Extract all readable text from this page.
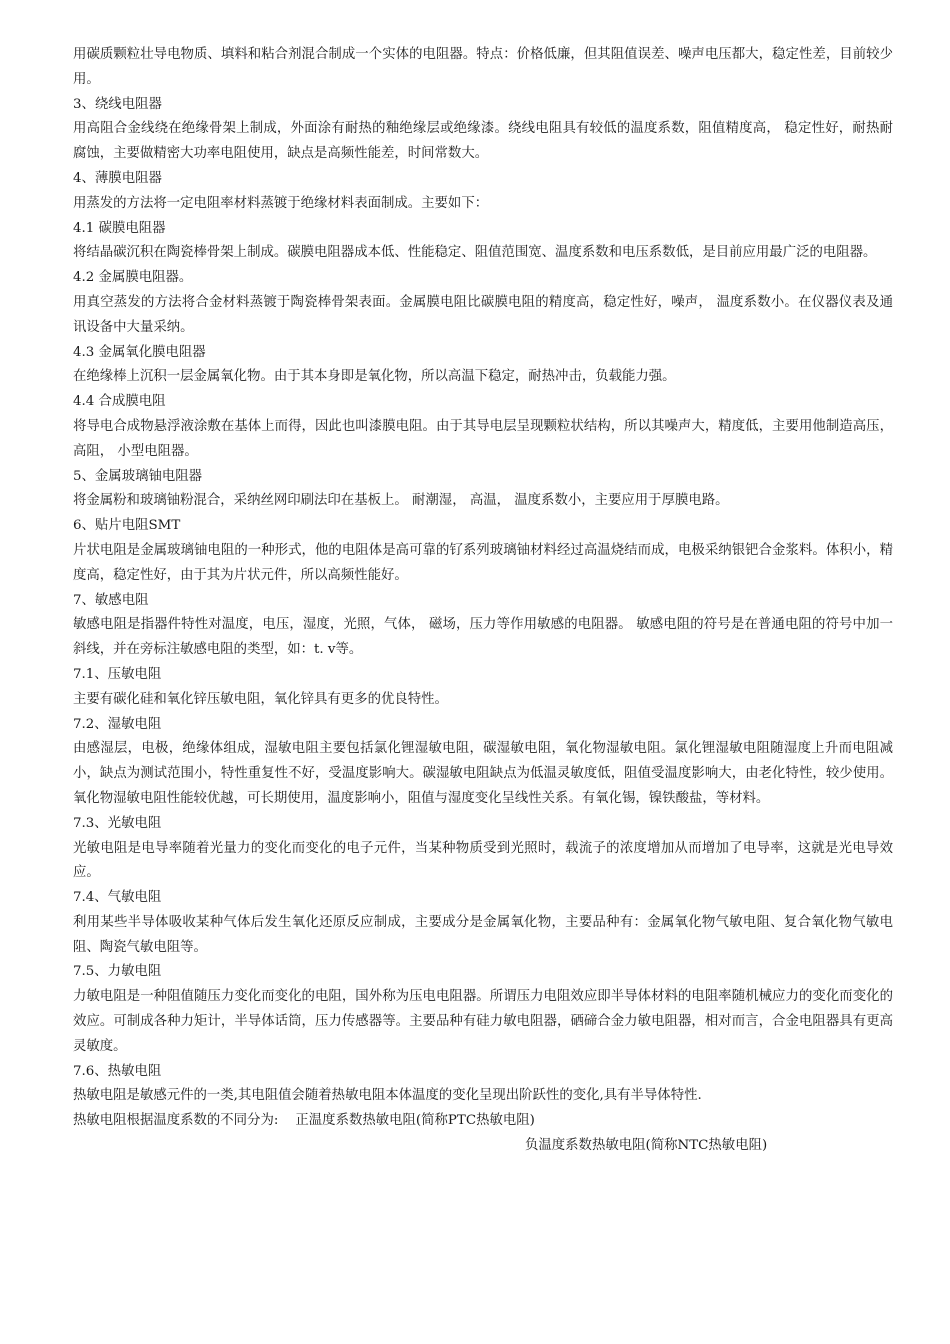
用碳质颗粒壮导电物质、填料和粘合剂混合制成一个实体的电阻器。特点：价格低廉，但其阻值误差、噪声电压都大，稳定性差，目前较少用。

3、绕线电阻器

用高阻合金线绕在绝缘骨架上制成，外面涂有耐热的釉绝缘层或绝缘漆。绕线电阻具有较低的温度系数，阻值精度高， 稳定性好，耐热耐腐蚀，主要做精密大功率电阻使用，缺点是高频性能差，时间常数大。

4、薄膜电阻器

用蒸发的方法将一定电阻率材料蒸镀于绝缘材料表面制成。主要如下：

4.1 碳膜电阻器

将结晶碳沉积在陶瓷棒骨架上制成。碳膜电阻器成本低、性能稳定、阻值范围宽、温度系数和电压系数低，是目前应用最广泛的电阻器。

4.2 金属膜电阻器。

用真空蒸发的方法将合金材料蒸镀于陶瓷棒骨架表面。金属膜电阻比碳膜电阻的精度高，稳定性好，噪声， 温度系数小。在仪器仪表及通讯设备中大量采纳。

4.3 金属氧化膜电阻器

在绝缘棒上沉积一层金属氧化物。由于其本身即是氧化物，所以高温下稳定，耐热冲击，负载能力强。

4.4 合成膜电阻

将导电合成物悬浮液涂敷在基体上而得，因此也叫漆膜电阻。由于其导电层呈现颗粒状结构，所以其噪声大，精度低，主要用他制造高压， 高阻， 小型电阻器。

5、金属玻璃铀电阻器

将金属粉和玻璃铀粉混合，采纳丝网印刷法印在基板上。 耐潮湿， 高温， 温度系数小，主要应用于厚膜电路。

6、贴片电阻SMT

片状电阻是金属玻璃铀电阻的一种形式，他的电阻体是高可靠的钌系列玻璃铀材料经过高温烧结而成，电极采纳银钯合金浆料。体积小，精度高，稳定性好，由于其为片状元件，所以高频性能好。

7、敏感电阻

敏感电阻是指器件特性对温度，电压，湿度，光照，气体， 磁场，压力等作用敏感的电阻器。 敏感电阻的符号是在普通电阻的符号中加一斜线，并在旁标注敏感电阻的类型，如：t. v等。

7.1、压敏电阻

主要有碳化硅和氧化锌压敏电阻，氧化锌具有更多的优良特性。

7.2、湿敏电阻

由感湿层，电极，绝缘体组成，湿敏电阻主要包括氯化锂湿敏电阻，碳湿敏电阻，氧化物湿敏电阻。氯化锂湿敏电阻随湿度上升而电阻减小，缺点为测试范围小，特性重复性不好，受温度影响大。碳湿敏电阻缺点为低温灵敏度低，阻值受温度影响大，由老化特性，较少使用。氧化物湿敏电阻性能较优越，可长期使用，温度影响小，阻值与湿度变化呈线性关系。有氧化锡，镍铁酸盐，等材料。

7.3、光敏电阻

光敏电阻是电导率随着光量力的变化而变化的电子元件，当某种物质受到光照时，载流子的浓度增加从而增加了电导率，这就是光电导效应。

7.4、气敏电阻

利用某些半导体吸收某种气体后发生氧化还原反应制成，主要成分是金属氧化物，主要品种有：金属氧化物气敏电阻、复合氧化物气敏电阻、陶瓷气敏电阻等。

7.5、力敏电阻

力敏电阻是一种阻值随压力变化而变化的电阻，国外称为压电电阻器。所谓压力电阻效应即半导体材料的电阻率随机械应力的变化而变化的效应。可制成各种力矩计，半导体话筒，压力传感器等。主要品种有硅力敏电阻器，硒碲合金力敏电阻器，相对而言，合金电阻器具有更高灵敏度。

7.6、热敏电阻

热敏电阻是敏感元件的一类,其电阻值会随着热敏电阻本体温度的变化呈现出阶跃性的变化,具有半导体特性.

热敏电阻根据温度系数的不同分为:    正温度系数热敏电阻(简称PTC热敏电阻)

负温度系数热敏电阻(简称NTC热敏电阻)
